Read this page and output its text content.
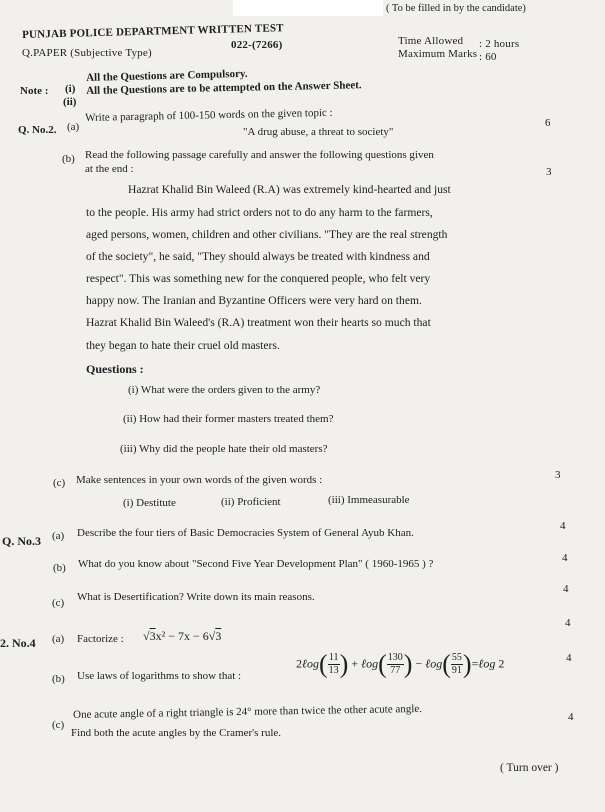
( To be filled in by the candidate)
PUNJAB POLICE DEPARTMENT WRITTEN TEST
022-(7266)
Q.PAPER (Subjective Type)
Time Allowed : 2 hours
Maximum Marks : 60
Note : (i)
All the Questions are Compulsory.
(ii)
All the Questions are to be attempted on the Answer Sheet.
Q. No.2. (a)
Write a paragraph of 100-150 words on the given topic :
"A drug abuse, a threat to society"
6
(b) Read the following passage carefully and answer the following questions given
at the end :	3
Hazrat Khalid Bin Waleed (R.A) was extremely kind-hearted and just
to the people. His army had strict orders not to do any harm to the farmers,
aged persons, women, children and other civilians. "They are the real strength
of the society", he said, "They should always be treated with kindness and
respect". This was something new for the conquered people, who felt very
happy now. The Iranian and Byzantine Officers were very hard on them.
Hazrat Khalid Bin Waleed's (R.A) treatment won their hearts so much that
they began to hate their cruel old masters.
Questions :
(i) What were the orders given to the army?
(ii) How had their former masters treated them?
(iii) Why did the people hate their old masters?
(c) Make sentences in your own words of the given words :	3
(i) Destitute	(ii) Proficient	(iii) Immeasurable
Q. No.3 (a) Describe the four tiers of Basic Democracies System of General Ayub Khan.
4
(b) What do you know about "Second Five Year Development Plan" ( 1960-1965 ) ?	4
(c) What is Desertification? Write down its main reasons.
4
2. No.4 (a) Factorize : √3x² − 7x − 6√3
4
(b) Use laws of logarithms to show that :
2ℓog( $\frac{11}{13}$ ) + ℓog( $\frac{130}{77}$ ) − ℓog( $\frac{55}{91}$ )=ℓog 2	4
(c)
One acute angle of a right triangle is 24° more than twice the other acute angle.
Find both the acute angles by the Cramer's rule.
4
( Turn over )
